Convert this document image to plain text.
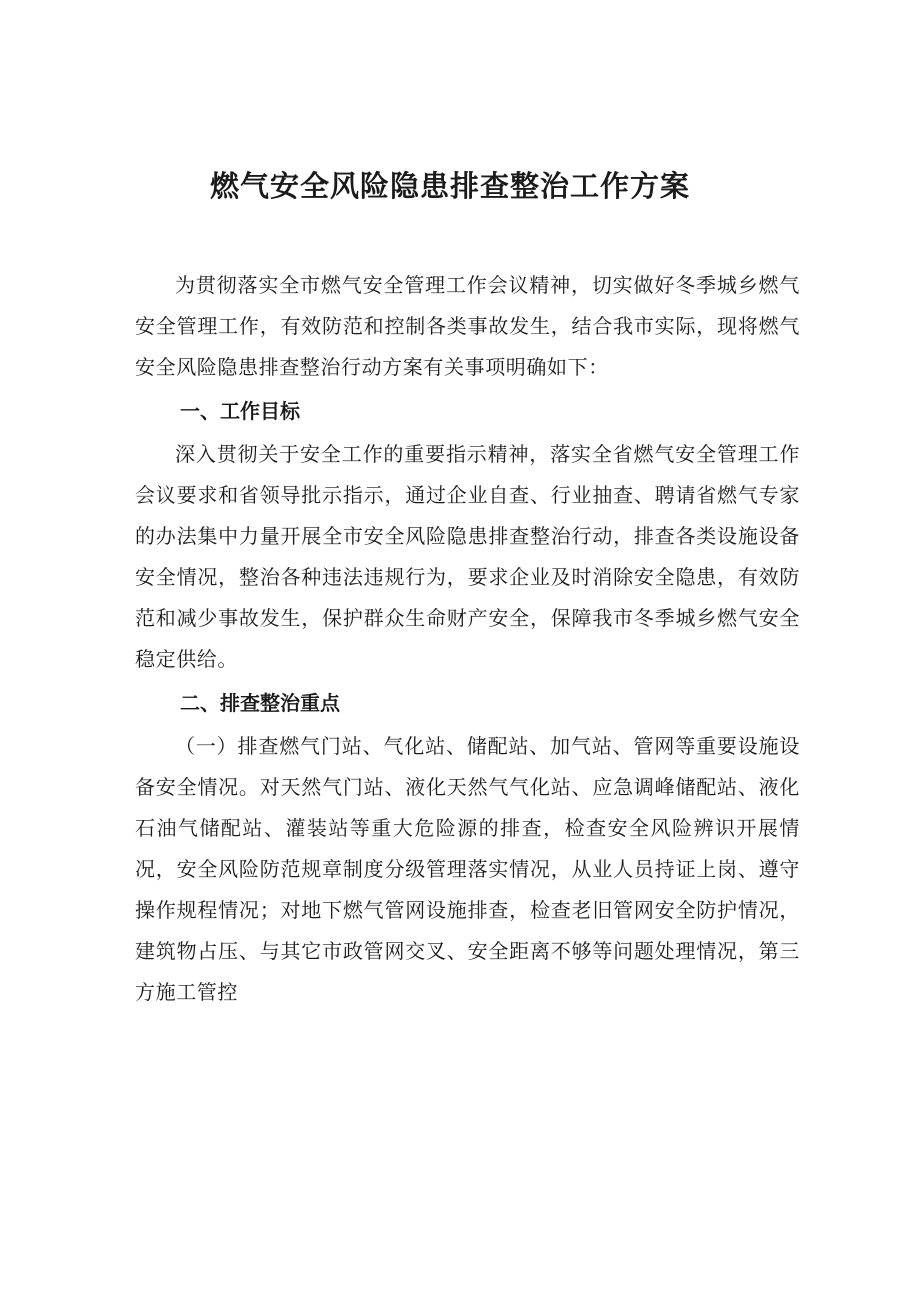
燃气安全风险隐患排查整治工作方案

为贯彻落实全市燃气安全管理工作会议精神，切实做好冬季城乡燃气安全管理工作，有效防范和控制各类事故发生，结合我市实际，现将燃气安全风险隐患排查整治行动方案有关事项明确如下：

一、工作目标

深入贯彻关于安全工作的重要指示精神，落实全省燃气安全管理工作会议要求和省领导批示指示，通过企业自查、行业抽查、聘请省燃气专家的办法集中力量开展全市安全风险隐患排查整治行动，排查各类设施设备安全情况，整治各种违法违规行为，要求企业及时消除安全隐患，有效防范和减少事故发生，保护群众生命财产安全，保障我市冬季城乡燃气安全稳定供给。

二、排查整治重点

（一）排查燃气门站、气化站、储配站、加气站、管网等重要设施设备安全情况。对天然气门站、液化天然气气化站、应急调峰储配站、液化石油气储配站、灌装站等重大危险源的排查，检查安全风险辨识开展情况，安全风险防范规章制度分级管理落实情况，从业人员持证上岗、遵守操作规程情况；对地下燃气管网设施排查，检查老旧管网安全防护情况，建筑物占压、与其它市政管网交叉、安全距离不够等问题处理情况，第三方施工管控
